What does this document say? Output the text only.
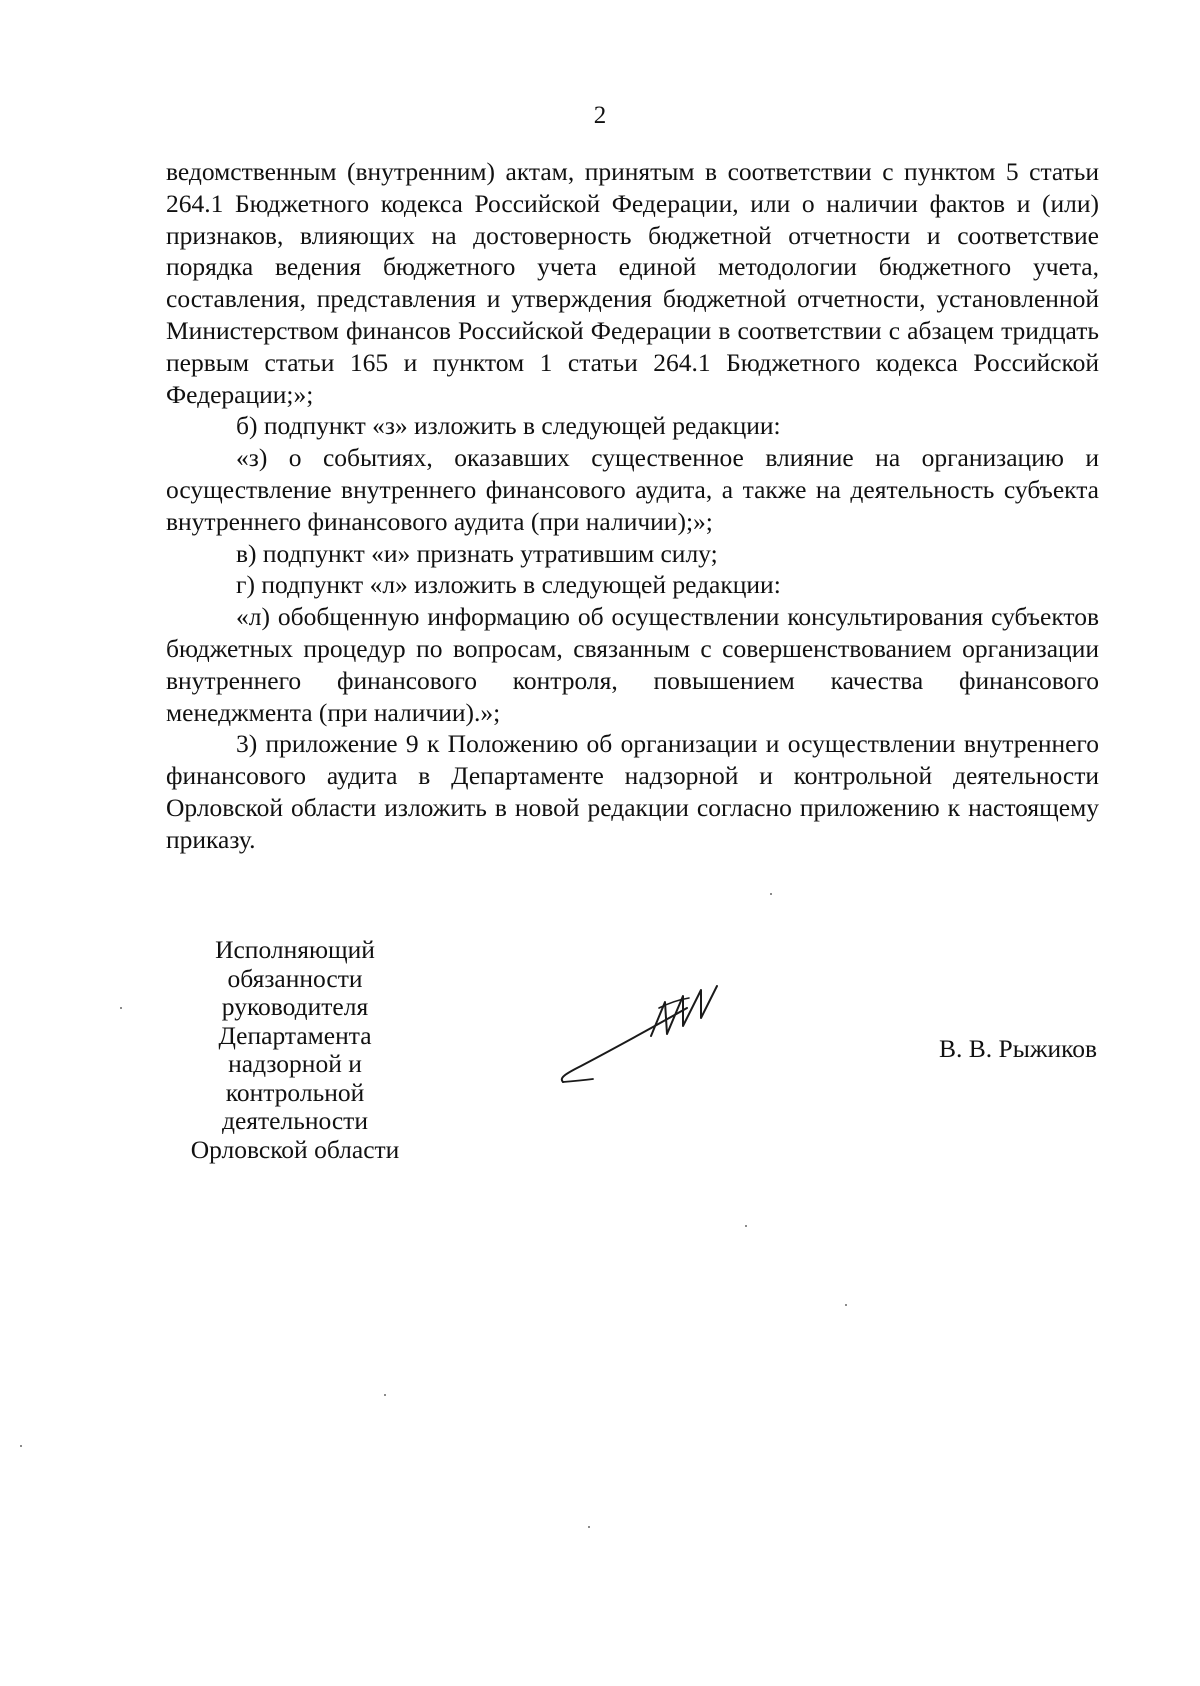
2

ведомственным (внутренним) актам, принятым в соответствии с пунктом 5 статьи 264.1 Бюджетного кодекса Российской Федерации, или о наличии фактов и (или) признаков, влияющих на достоверность бюджетной отчетности и соответствие порядка ведения бюджетного учета единой методологии бюджетного учета, составления, представления и утверждения бюджетной отчетности, установленной Министерством финансов Российской Федерации в соответствии с абзацем тридцать первым статьи 165 и пунктом 1 статьи 264.1 Бюджетного кодекса Российской Федерации;»;

б) подпункт «з» изложить в следующей редакции:

«з) о событиях, оказавших существенное влияние на организацию и осуществление внутреннего финансового аудита, а также на деятельность субъекта внутреннего финансового аудита (при наличии);»;

в) подпункт «и» признать утратившим силу;

г) подпункт «л» изложить в следующей редакции:

«л) обобщенную информацию об осуществлении консультирования субъектов бюджетных процедур по вопросам, связанным с совершенствованием организации внутреннего финансового контроля, повышением качества финансового менеджмента (при наличии).»;

3) приложение 9 к Положению об организации и осуществлении внутреннего финансового аудита в Департаменте надзорной и контрольной деятельности Орловской области изложить в новой редакции согласно приложению к настоящему приказу.

Исполняющий
обязанности
руководителя
Департамента
надзорной и
контрольной
деятельности
Орловской области
В. В. Рыжиков
